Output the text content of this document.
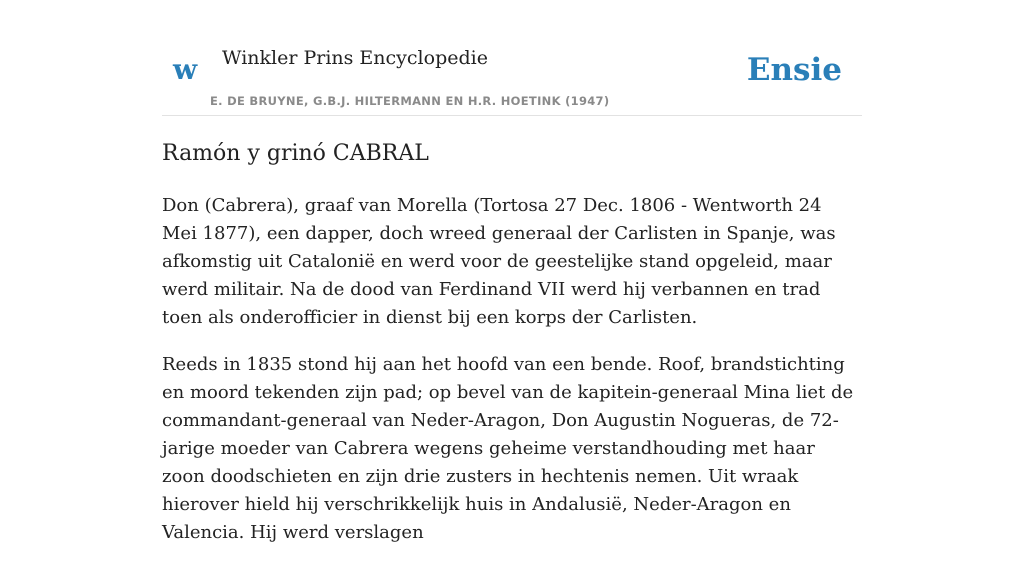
w Winkler Prins Encyclopedie	Ensie
E. DE BRUYNE, G.B.J. HILTERMANN EN H.R. HOETINK (1947)
Ramón y grinó CABRAL

Don (Cabrera), graaf van Morella (Tortosa 27 Dec. 1806 - Wentworth 24 Mei 1877), een dapper, doch wreed generaal der Carlisten in Spanje, was afkomstig uit Catalonië en werd voor de geestelijke stand opgeleid, maar werd militair. Na de dood van Ferdinand VII werd hij verbannen en trad toen als onderofficier in dienst bij een korps der Carlisten.

Reeds in 1835 stond hij aan het hoofd van een bende. Roof, brandstichting en moord tekenden zijn pad; op bevel van de kapitein-generaal Mina liet de commandant-generaal van Neder-Aragon, Don Augustin Nogueras, de 72-jarige moeder van Cabrera wegens geheime verstandhouding met haar zoon doodschieten en zijn drie zusters in hechtenis nemen. Uit wraak hierover hield hij verschrikkelijk huis in Andalusië, Neder-Aragon en Valencia. Hij werd verslagen
